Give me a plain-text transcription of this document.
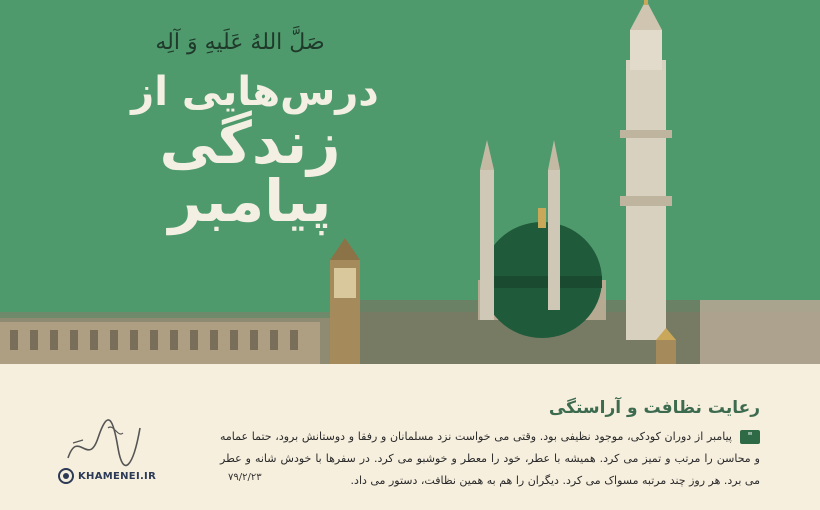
صَلَّ اللهُ عَلَیهِ وَ آلِه
درس‌هایی از
زندگی پیامبر
رعایت نظافت و آراستگی
"

پیامبر از دوران کودکی، موجود نظیفی بود. وقتی می خواست نزد مسلمانان و رفقا و دوستانش برود، حتما عمامه و محاسن را مرتب و تمیز می کرد. همیشه با عطر، خود را معطر و خوشبو می کرد. در سفرها با خودش شانه و عطر می برد. هر روز چند مرتبه مسواک می کرد. دیگران را هم به همین نظافت، دستور می داد.

۷۹/۲/۲۳
KHAMENEI.IR
